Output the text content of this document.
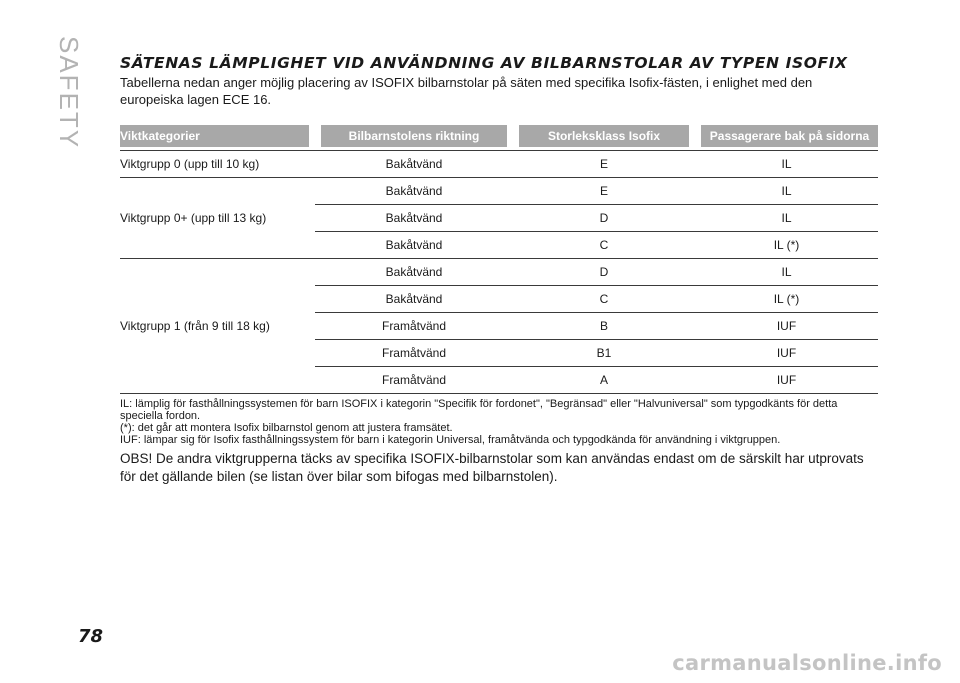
SAFETY SÄTENAS LÄMPLIGHET VID ANVÄNDNING AV BILBARNSTOLAR AV TYPEN ISOFIX

Tabellerna nedan anger möjlig placering av ISOFIX bilbarnstolar på säten med specifika Isofix-fästen, i enlighet med den europeiska lagen ECE 16.

Viktkategorier	Bilbarnstolens riktning	Storleksklass Isofix	Passagerare bak på sidorna

Viktgrupp 0 (upp till 10 kg)	Bakåtvänd	E	IL
Viktgrupp 0+ (upp till 13 kg)	Bakåtvänd	E	IL
	Bakåtvänd	D	IL
	Bakåtvänd	C	IL (*)
Viktgrupp 1 (från 9 till 18 kg)	Bakåtvänd	D	IL
	Bakåtvänd	C	IL (*)
	Framåtvänd	B	IUF
	Framåtvänd	B1	IUF
	Framåtvänd	A	IUF
IL: lämplig för fasthållningssystemen för barn ISOFIX i kategorin "Specifik för fordonet", "Begränsad" eller "Halvuniversal" som typgodkänts för detta speciella fordon.
(*): det går att montera Isofix bilbarnstol genom att justera framsätet.
IUF: lämpar sig för Isofix fasthållningssystem för barn i kategorin Universal, framåtvända och typgodkända för användning i viktgruppen.

OBS! De andra viktgrupperna täcks av specifika ISOFIX-bilbarnstolar som kan användas endast om de särskilt har utprovats för det gällande bilen (se listan över bilar som bifogas med bilbarnstolen).

78
carmanualsonline.info
